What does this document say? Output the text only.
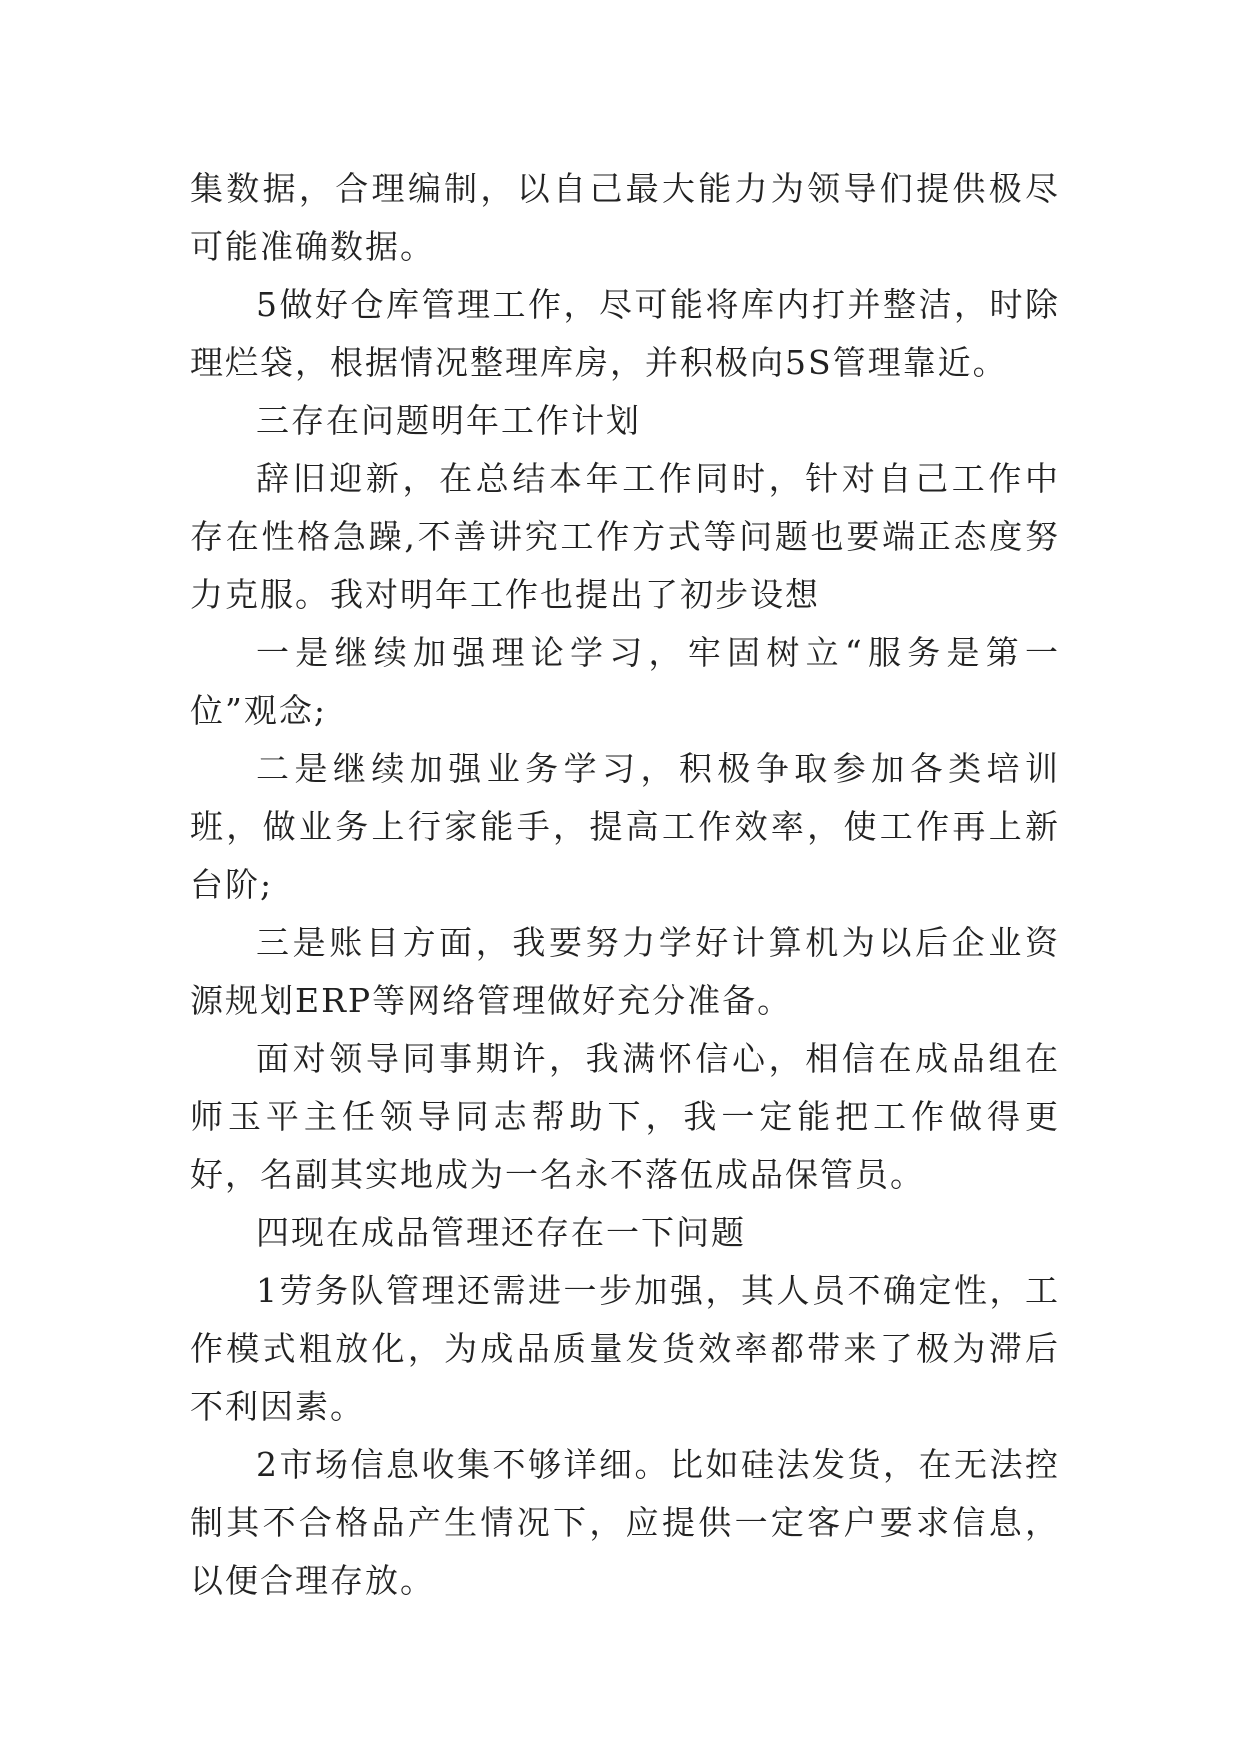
集数据，合理编制，以自己最大能力为领导们提供极尽可能准确数据。

5做好仓库管理工作，尽可能将库内打并整洁，时除理烂袋，根据情况整理库房，并积极向5S管理靠近。

三存在问题明年工作计划

辞旧迎新，在总结本年工作同时，针对自己工作中存在性格急躁,不善讲究工作方式等问题也要端正态度努力克服。我对明年工作也提出了初步设想

一是继续加强理论学习，牢固树立“服务是第一位”观念;

二是继续加强业务学习，积极争取参加各类培训班，做业务上行家能手，提高工作效率，使工作再上新台阶;

三是账目方面，我要努力学好计算机为以后企业资源规划ERP等网络管理做好充分准备。

面对领导同事期许，我满怀信心，相信在成品组在师玉平主任领导同志帮助下，我一定能把工作做得更好，名副其实地成为一名永不落伍成品保管员。

四现在成品管理还存在一下问题

1劳务队管理还需进一步加强，其人员不确定性，工作模式粗放化，为成品质量发货效率都带来了极为滞后不利因素。

2市场信息收集不够详细。比如硅法发货，在无法控制其不合格品产生情况下，应提供一定客户要求信息，以便合理存放。
